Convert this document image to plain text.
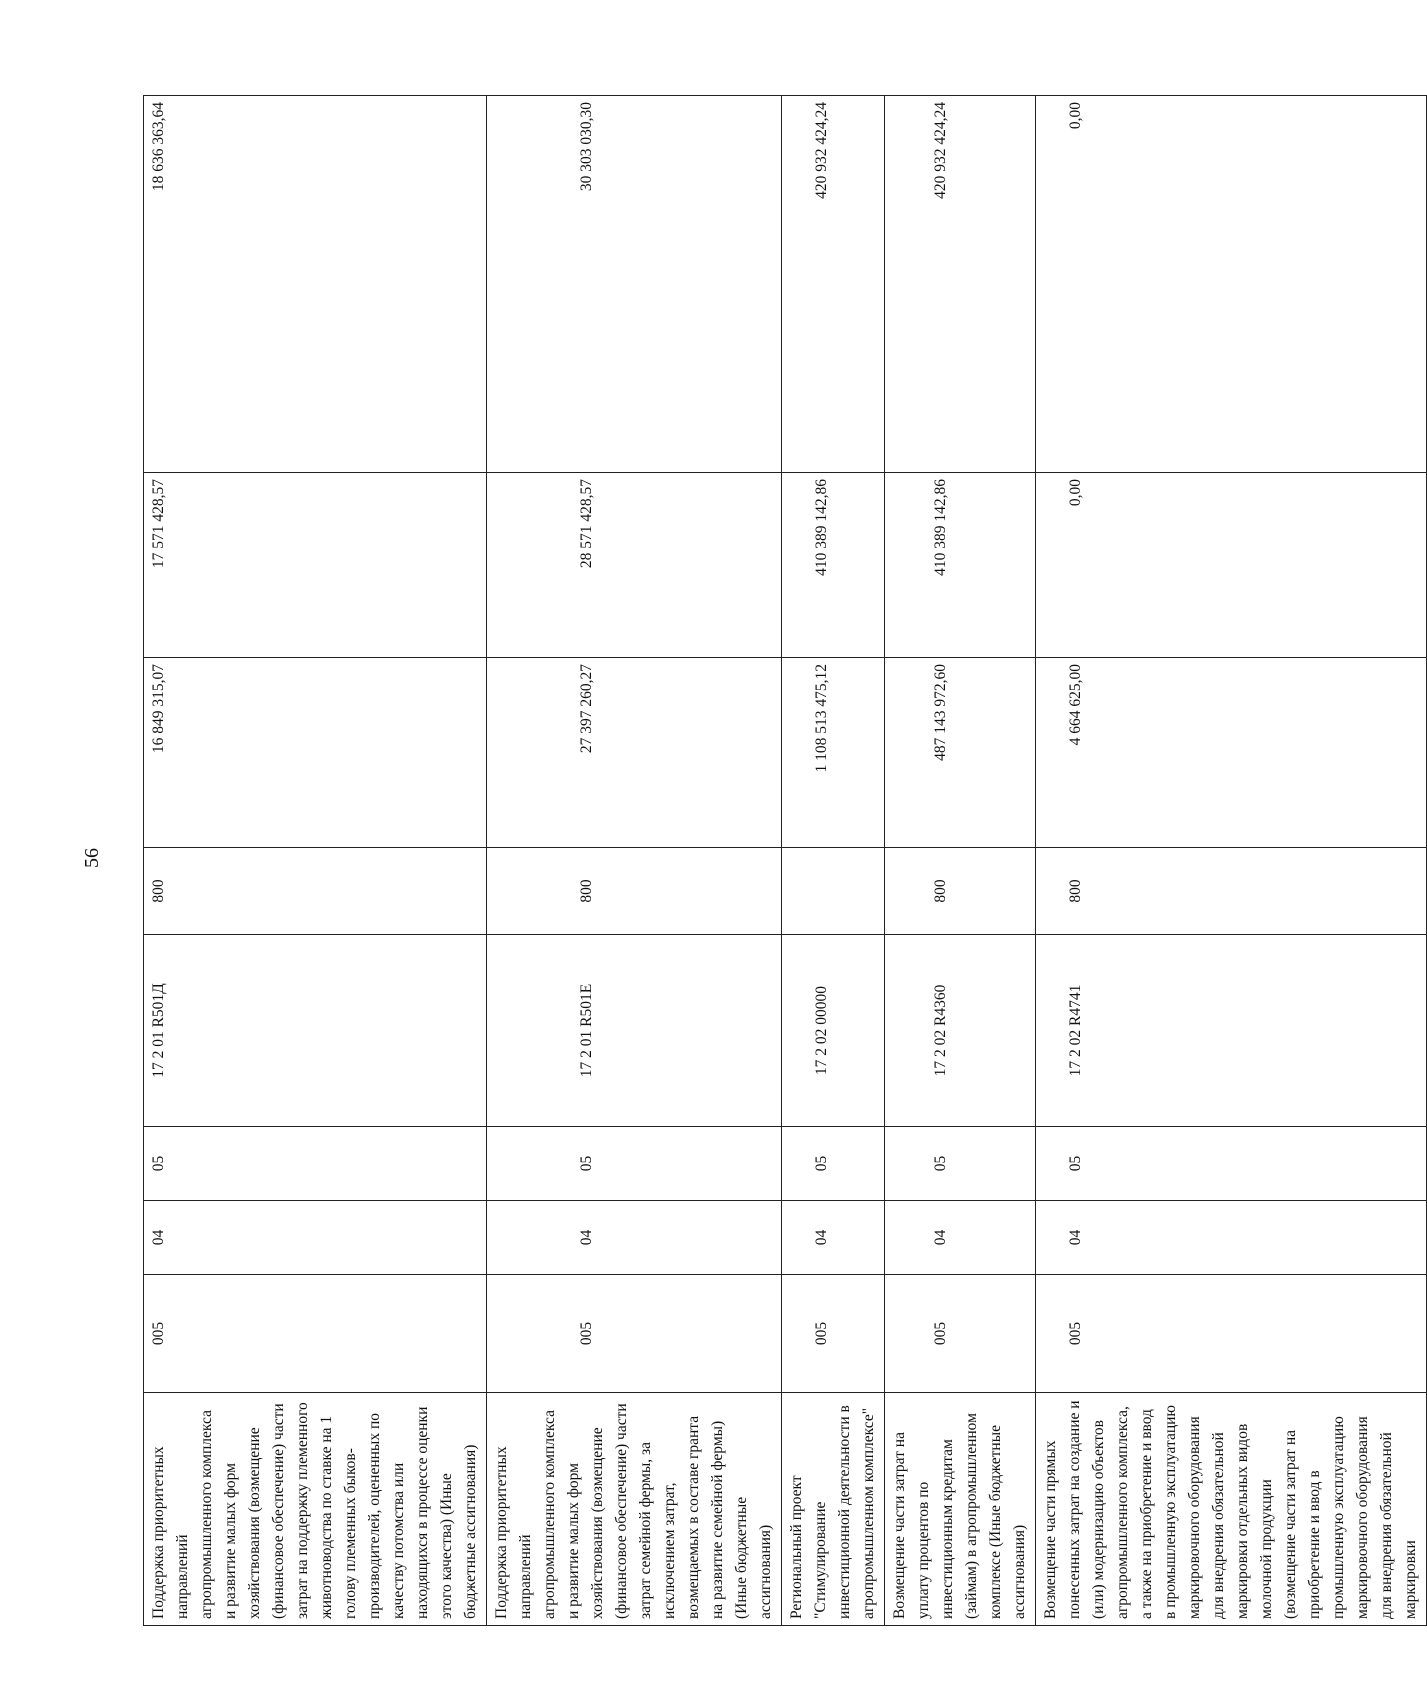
56
Поддержка приоритетных направлений агропромышленного комплекса и развитие малых форм хозяйствования (возмещение (финансовое обеспечение) части затрат на поддержку племенного животноводства по ставке на 1 голову племенных быков-производителей, оцененных по качеству потомства или находящихся в процессе оценки этого качества) (Иные бюджетные ассигнования)	005	04	05	17 2 01 R501Д	800	16 849 315,07	17 571 428,57	18 636 363,64
Поддержка приоритетных направлений агропромышленного комплекса и развитие малых форм хозяйствования (возмещение (финансовое обеспечение) части затрат семейной фермы, за исключением затрат, возмещаемых в составе гранта на развитие семейной фермы) (Иные бюджетные ассигнования)	005	04	05	17 2 01 R501Е	800	27 397 260,27	28 571 428,57	30 303 030,30
Региональный проект "Стимулирование инвестиционной деятельности в агропромышленном комплексе"	005	04	05	17 2 02 00000		1 108 513 475,12	410 389 142,86	420 932 424,24
Возмещение части затрат на уплату процентов по инвестиционным кредитам (займам) в агропромышленном комплексе (Иные бюджетные ассигнования)	005	04	05	17 2 02 R4360	800	487 143 972,60	410 389 142,86	420 932 424,24
Возмещение части прямых понесенных затрат на создание и (или) модернизацию объектов агропромышленного комплекса, а также на приобретение и ввод в промышленную эксплуатацию маркировочного оборудования для внедрения обязательной маркировки отдельных видов молочной продукции (возмещение части затрат на приобретение и ввод в промышленную эксплуатацию маркировочного оборудования для внедрения обязательной маркировки	005	04	05	17 2 02 R4741	800	4 664 625,00	0,00	0,00
